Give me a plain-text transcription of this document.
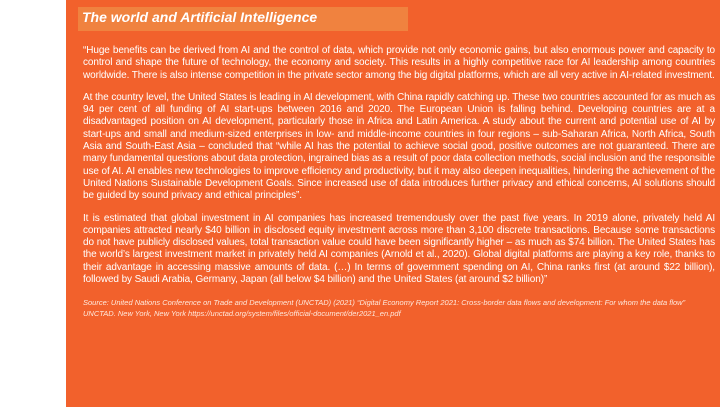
The world and Artificial Intelligence

“Huge benefits can be derived from AI and the control of data, which provide not only economic gains, but also enormous power and capacity to control and shape the future of technology, the economy and society. This results in a highly competitive race for AI leadership among countries worldwide. There is also intense competition in the private sector among the big digital platforms, which are all very active in AI-related investment.

At the country level, the United States is leading in AI development, with China rapidly catching up. These two countries accounted for as much as 94 per cent of all funding of AI start-ups between 2016 and 2020. The European Union is falling behind. Developing countries are at a disadvantaged position on AI development, particularly those in Africa and Latin America. A study about the current and potential use of AI by start-ups and small and medium-sized enterprises in low- and middle-income countries in four regions – sub-Saharan Africa, North Africa, South Asia and South-East Asia – concluded that “while AI has the potential to achieve social good, positive outcomes are not guaranteed. There are many fundamental questions about data protection, ingrained bias as a result of poor data collection methods, social inclusion and the responsible use of AI. AI enables new technologies to improve efficiency and productivity, but it may also deepen inequalities, hindering the achievement of the United Nations Sustainable Development Goals. Since increased use of data introduces further privacy and ethical concerns, AI solutions should be guided by sound privacy and ethical principles”.

It is estimated that global investment in AI companies has increased tremendously over the past five years. In 2019 alone, privately held AI companies attracted nearly $40 billion in disclosed equity investment across more than 3,100 discrete transactions. Because some transactions do not have publicly disclosed values, total transaction value could have been significantly higher – as much as $74 billion. The United States has the world’s largest investment market in privately held AI companies (Arnold et al., 2020). Global digital platforms are playing a key role, thanks to their advantage in accessing massive amounts of data. (…) In terms of government spending on AI, China ranks first (at around $22 billion), followed by Saudi Arabia, Germany, Japan (all below $4 billion) and the United States (at around $2 billion)”

Source: United Nations Conference on Trade and Development (UNCTAD) (2021) “Digital Economy Report 2021: Cross-border data flows and development: For whom the data flow” UNCTAD. New York, New York https://unctad.org/system/files/official-document/der2021_en.pdf
